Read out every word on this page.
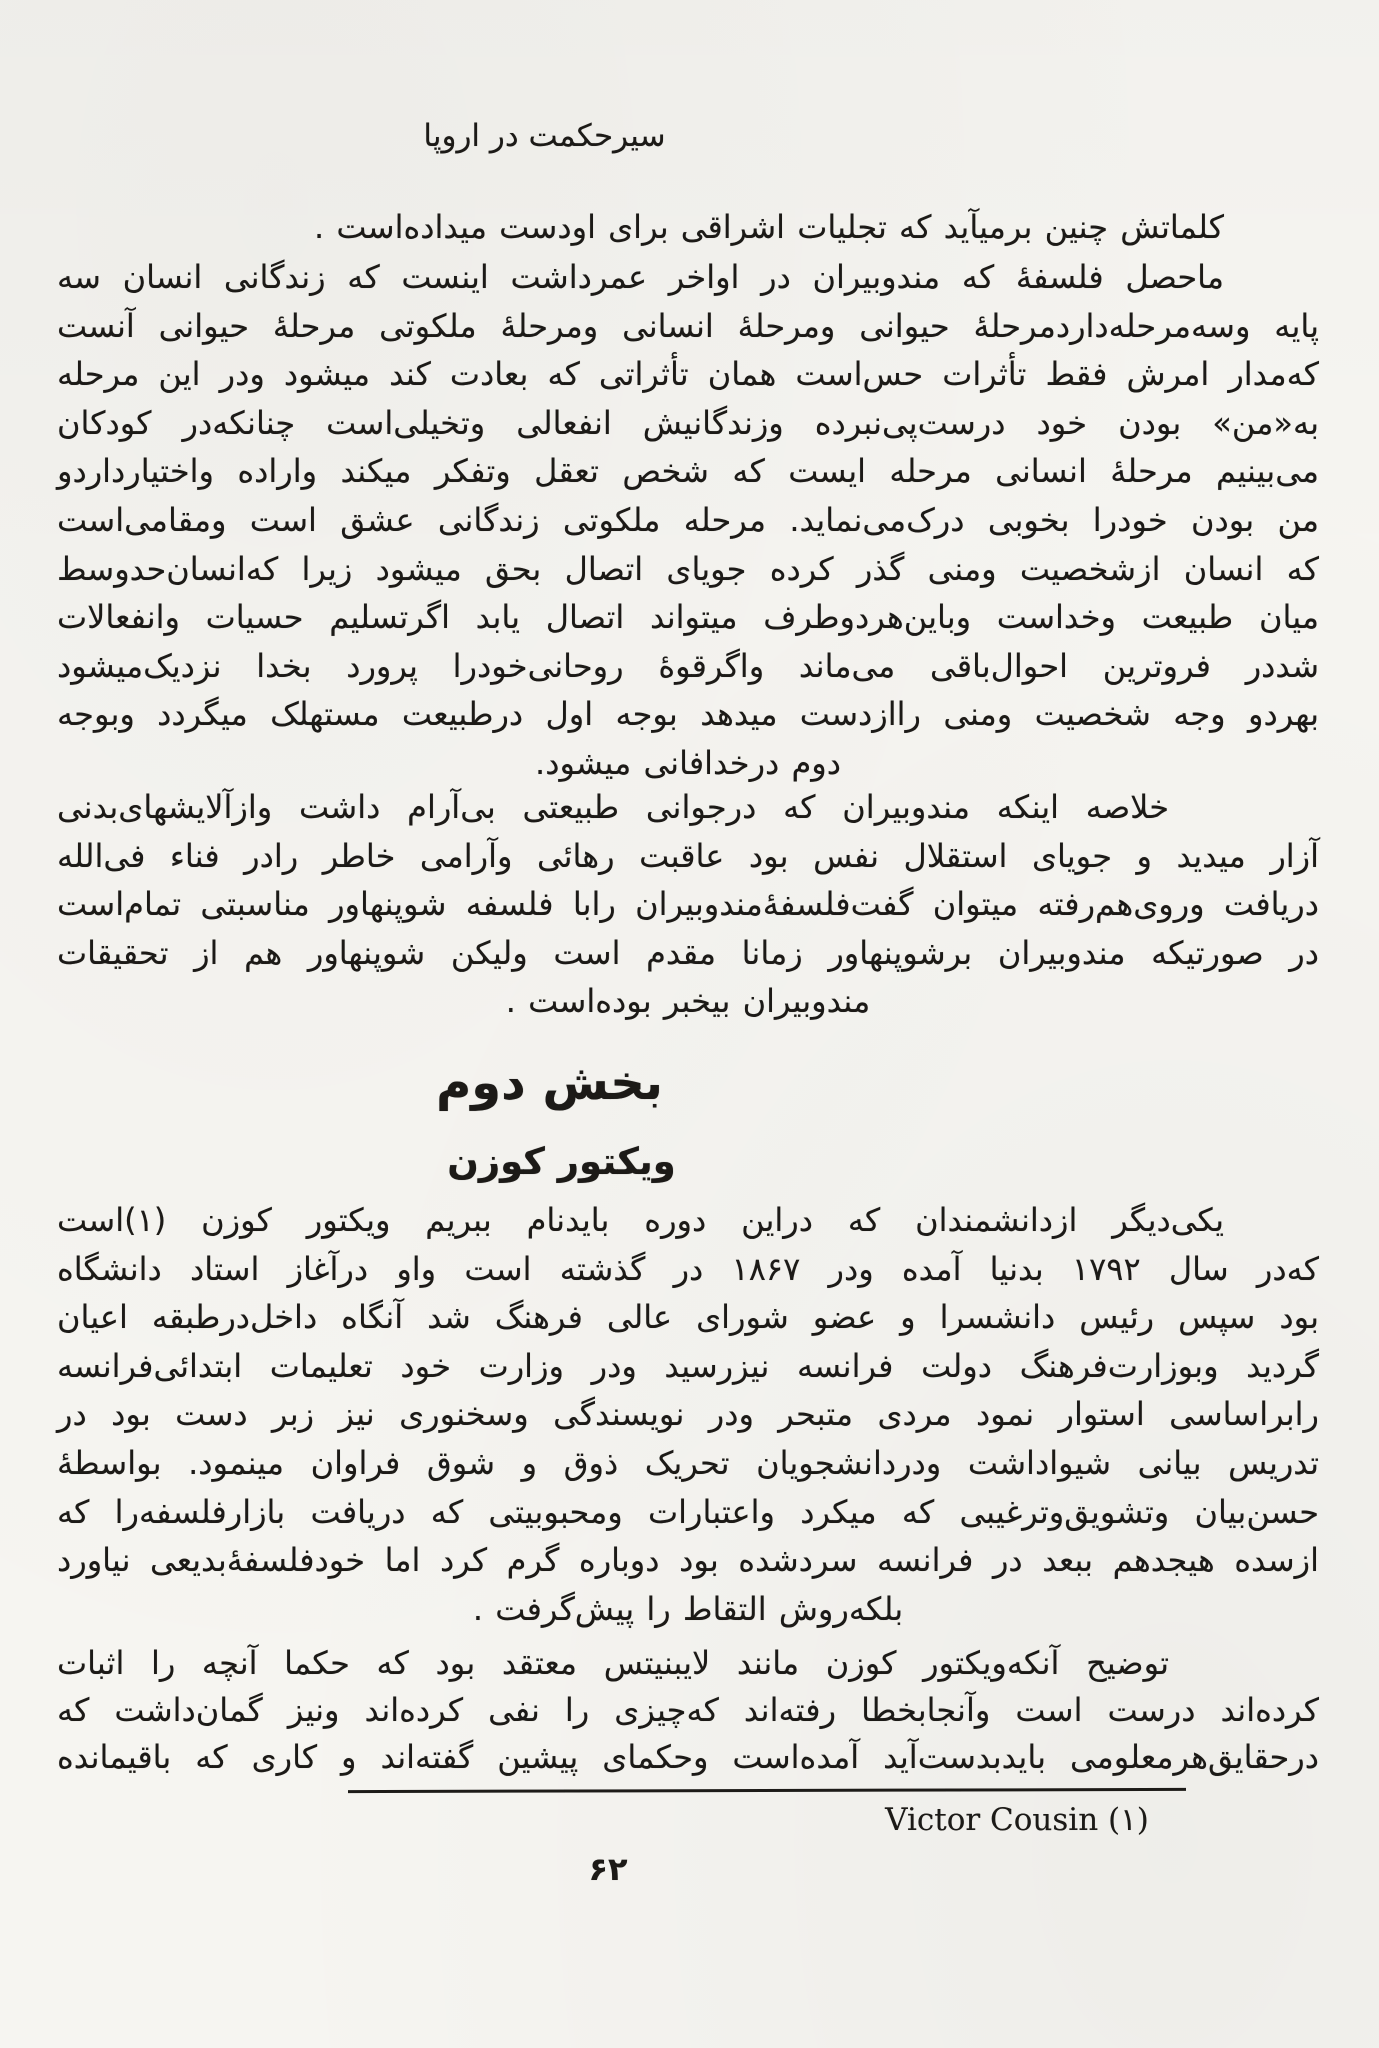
سیرحکمت در اروپا
کلماتش چنین برمیآید که تجلیات اشراقی برای اودست میداده‌است .
ماحصل فلسفهٔ که مندوبیران در اواخر عمرداشت اینست که زندگانی انسان سه
پایه وسه‌مرحله‌داردمرحلهٔ حیوانی ومرحلهٔ انسانی ومرحلهٔ ملکوتی مرحلهٔ حیوانی آنست
که‌مدار امرش فقط تأثرات حس‌است همان تأثراتی که بعادت کند میشود ودر این مرحله
به«من» بودن خود درست‌پی‌نبرده وزندگانیش انفعالی وتخیلی‌است چنانکه‌در کودکان
می‌بینیم مرحلهٔ انسانی مرحله ایست که شخص تعقل وتفکر میکند واراده واختیارداردو
من بودن خودرا بخوبی درک‌می‌نماید. مرحله ملکوتی زندگانی عشق است ومقامی‌است
که انسان ازشخصیت ومنی گذر کرده جویای اتصال بحق میشود زیرا که‌انسان‌حدوسط
میان طبیعت وخداست وباین‌هردوطرف میتواند اتصال یابد اگرتسلیم حسیات وانفعالات
شددر فروترین احوال‌باقی می‌ماند واگرقوهٔ روحانی‌خودرا پرورد بخدا نزدیک‌میشود
بهردو وجه شخصیت ومنی راازدست میدهد بوجه اول درطبیعت مستهلک میگردد وبوجه
دوم درخدافانی میشود.
خلاصه اینکه مندوبیران که درجوانی طبیعتی بی‌آرام داشت وازآلایشهای‌بدنی
آزار میدید و جویای استقلال نفس بود عاقبت رهائی وآرامی خاطر رادر فناء فی‌الله
دریافت وروی‌هم‌رفته میتوان گفت‌فلسفهٔ‌مندوبیران رابا فلسفه شوپنهاور مناسبتی تمام‌است
در صورتیکه مندوبیران برشوپنهاور زمانا مقدم است ولیکن شوپنهاور هم از تحقیقات
مندوبیران بیخبر بوده‌است .
بخش دوم
ویکتور کوزن
یکی‌دیگر ازدانشمندان که دراین دوره بایدنام ببریم ویکتور کوزن (۱)است
که‌در سال ۱۷۹۲ بدنیا آمده ودر ۱۸۶۷ در گذشته است واو درآغاز استاد دانشگاه
بود سپس رئیس دانشسرا و عضو شورای عالی فرهنگ شد آنگاه داخل‌درطبقه اعیان
گردید وبوزارت‌فرهنگ دولت فرانسه نیزرسید ودر وزارت خود تعلیمات ابتدائی‌فرانسه
رابراساسی استوار نمود مردی متبحر ودر نویسندگی وسخنوری نیز زبر دست بود در
تدریس بیانی شیواداشت ودردانشجویان تحریک ذوق و شوق فراوان مینمود. بواسطهٔ
حسن‌بیان وتشویق‌وترغیبی که میکرد واعتبارات ومحبوبیتی که دریافت بازارفلسفه‌را که
ازسده هیجدهم ببعد در فرانسه سردشده بود دوباره گرم کرد اما خودفلسفهٔ‌بدیعی نیاورد
بلکه‌روش التقاط را پیش‌گرفت .
توضیح آنکه‌ویکتور کوزن مانند لایبنیتس معتقد بود که حکما آنچه را اثبات
کرده‌اند درست است وآنجابخطا رفته‌اند که‌چیزی را نفی کرده‌اند ونیز گمان‌داشت که
درحقایق‌هرمعلومی بایدبدست‌آید آمده‌است وحکمای پیشین گفته‌اند و کاری که باقیمانده
Victor Cousin (۱)
۶۲
